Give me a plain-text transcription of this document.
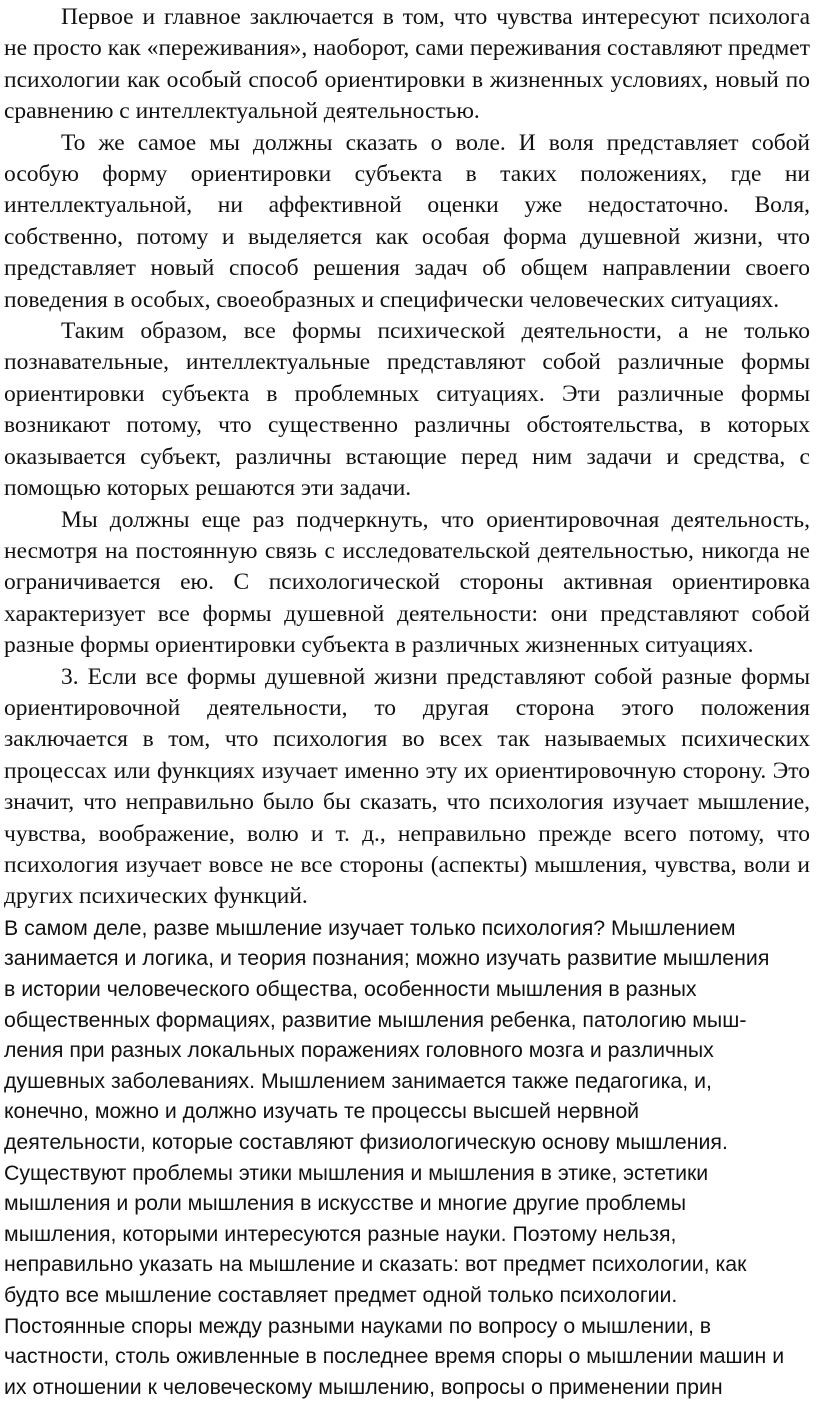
Первое и главное заключается в том, что чувства интересуют психолога не просто как «переживания», наоборот, сами переживания составляют предмет психологии как особый способ ориентировки в жизненных условиях, новый по сравнению с интеллектуальной деятельностью.

То же самое мы должны сказать о воле. И воля представляет собой особую форму ориентировки субъекта в таких положениях, где ни интеллектуальной, ни аффективной оценки уже недостаточно. Воля, собственно, потому и выделяется как особая форма душевной жизни, что представляет новый способ решения задач об общем направлении своего поведения в особых, своеобразных и специфически человеческих ситуациях.

Таким образом, все формы психической деятельности, а не только познавательные, интеллектуальные представляют собой различные формы ориентировки субъекта в проблемных ситуациях. Эти различные формы возникают потому, что существенно различны обстоятельства, в которых оказывается субъект, различны встающие перед ним задачи и средства, с помощью которых решаются эти задачи.

Мы должны еще раз подчеркнуть, что ориентировочная деятельность, несмотря на постоянную связь с исследовательской деятельностью, никогда не ограничивается ею. С психологической стороны активная ориентировка характеризует все формы душевной деятельности: они представляют собой разные формы ориентировки субъекта в различных жизненных ситуациях.

3. Если все формы душевной жизни представляют собой разные формы ориентировочной деятельности, то другая сторона этого положения заключается в том, что психология во всех так называемых психических процессах или функциях изучает именно эту их ориентировочную сторону. Это значит, что неправильно было бы сказать, что психология изучает мышление, чувства, воображение, волю и т. д., неправильно прежде всего потому, что психология изучает вовсе не все стороны (аспекты) мышления, чувства, воли и других психических функций.

В самом деле, разве мышление изучает только психология? Мышлением

занимается и логика, и теория познания; можно изучать развитие мышления

в истории человеческого общества, особенности мышления в разных

общественных формациях, развитие мышления ребенка, патологию мыш-

ления при разных локальных поражениях головного мозга и различных

душевных заболеваниях. Мышлением занимается также педагогика, и,

конечно, можно и должно изучать те процессы высшей нервной

деятельности, которые составляют физиологическую основу мышления.

Существуют проблемы этики мышления и мышления в этике, эстетики

мышления и роли мышления в искусстве и многие другие проблемы

мышления, которыми интересуются разные науки. Поэтому нельзя,

неправильно указать на мышление и сказать: вот предмет психологии, как

будто все мышление составляет предмет одной только психологии.

Постоянные споры между разными науками по вопросу о мышлении, в

частности, столь оживленные в последнее время споры о мышлении машин и

их отношении к человеческому мышлению, вопросы о применении прин
